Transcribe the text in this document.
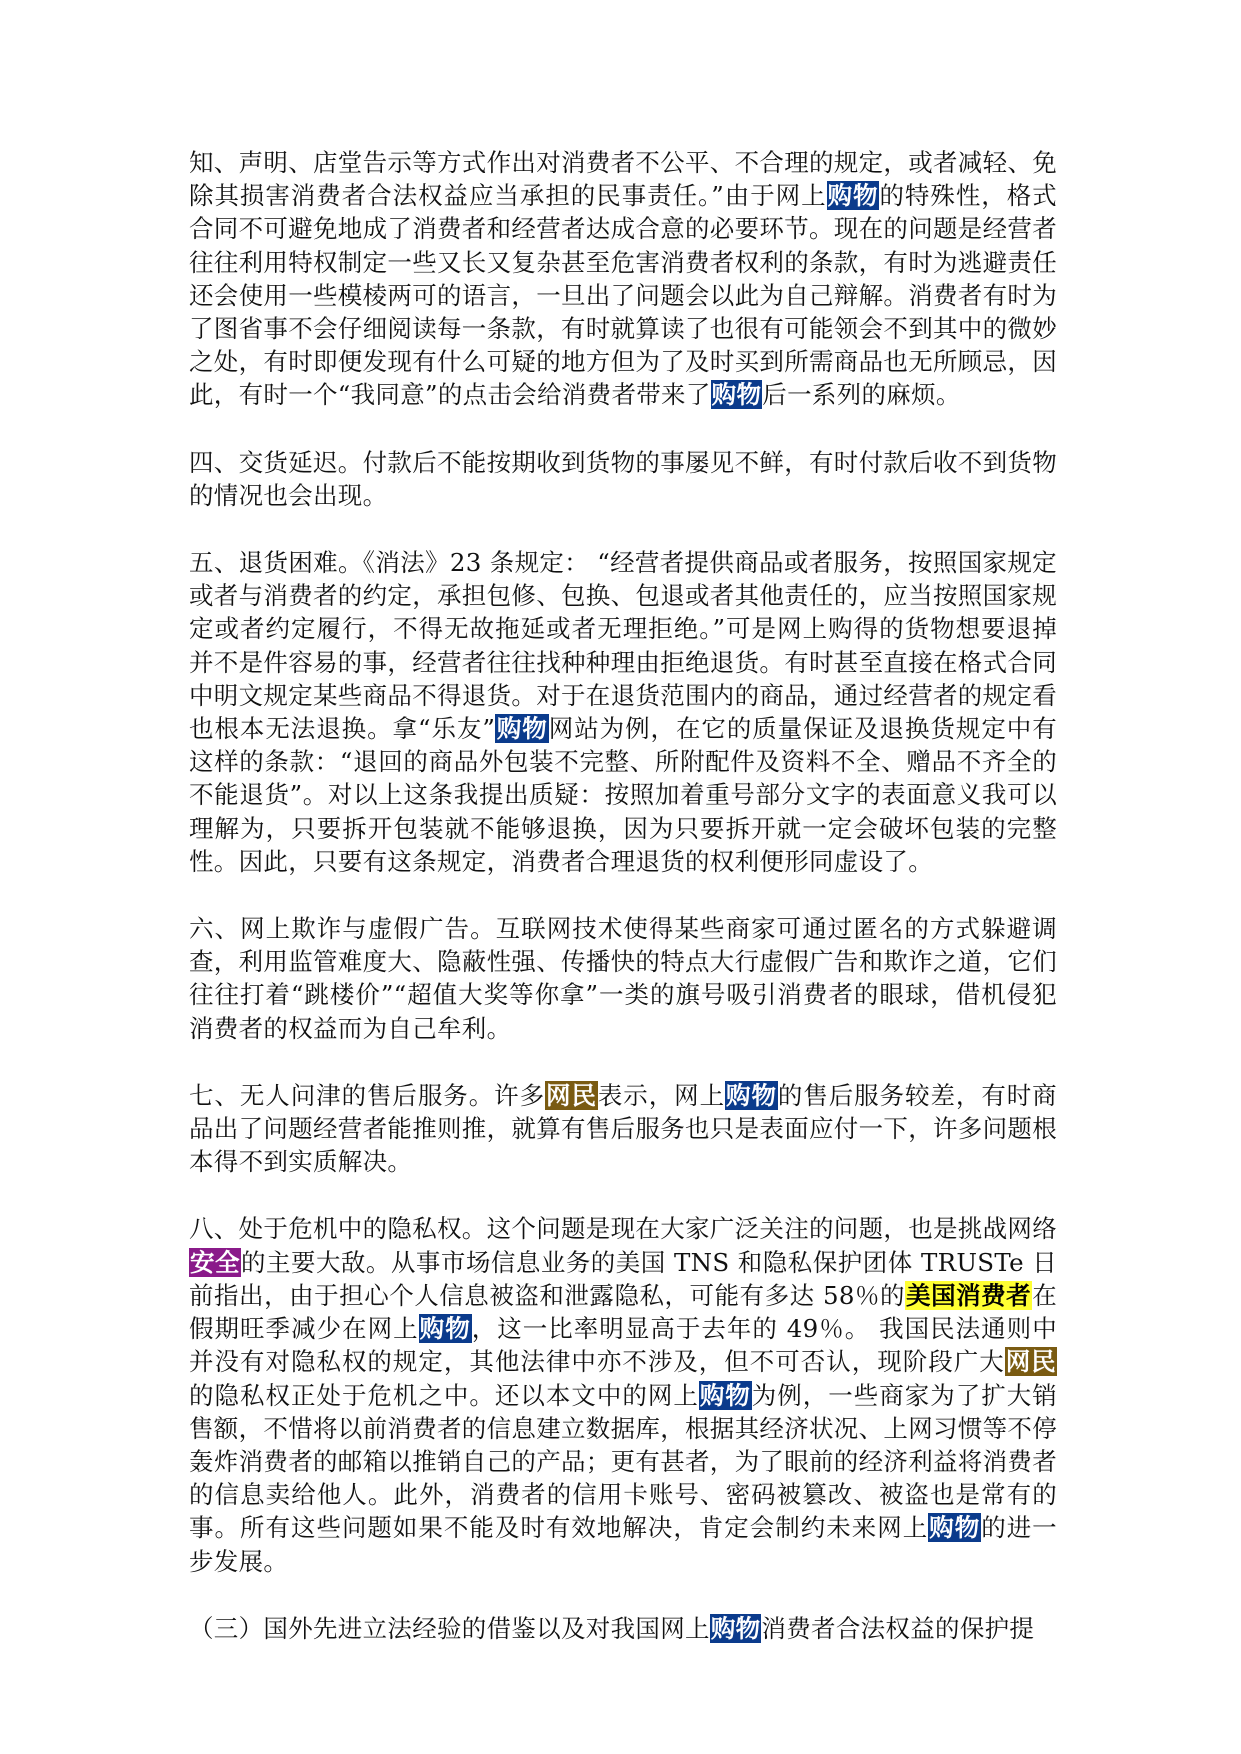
知、声明、店堂告示等方式作出对消费者不公平、不合理的规定，或者减轻、免除其损害消费者合法权益应当承担的民事责任。”由于网上购物的特殊性，格式合同不可避免地成了消费者和经营者达成合意的必要环节。现在的问题是经营者往往利用特权制定一些又长又复杂甚至危害消费者权利的条款，有时为逃避责任还会使用一些模棱两可的语言，一旦出了问题会以此为自己辩解。消费者有时为了图省事不会仔细阅读每一条款，有时就算读了也很有可能领会不到其中的微妙之处，有时即便发现有什么可疑的地方但为了及时买到所需商品也无所顾忌，因此，有时一个“我同意”的点击会给消费者带来了购物后一系列的麻烦。

四、交货延迟。付款后不能按期收到货物的事屡见不鲜，有时付款后收不到货物的情况也会出现。

五、退货困难。《消法》23 条规定： “经营者提供商品或者服务，按照国家规定或者与消费者的约定，承担包修、包换、包退或者其他责任的，应当按照国家规定或者约定履行，不得无故拖延或者无理拒绝。”可是网上购得的货物想要退掉并不是件容易的事，经营者往往找种种理由拒绝退货。有时甚至直接在格式合同中明文规定某些商品不得退货。对于在退货范围内的商品，通过经营者的规定看也根本无法退换。拿“乐友”购物网站为例，在它的质量保证及退换货规定中有这样的条款：“退回的商品外包装不完整、所附配件及资料不全、赠品不齐全的不能退货”。对以上这条我提出质疑：按照加着重号部分文字的表面意义我可以理解为，只要拆开包装就不能够退换，因为只要拆开就一定会破坏包装的完整性。因此，只要有这条规定，消费者合理退货的权利便形同虚设了。

六、网上欺诈与虚假广告。互联网技术使得某些商家可通过匿名的方式躲避调查，利用监管难度大、隐蔽性强、传播快的特点大行虚假广告和欺诈之道，它们往往打着“跳楼价”“超值大奖等你拿”一类的旗号吸引消费者的眼球，借机侵犯消费者的权益而为自己牟利。

七、无人问津的售后服务。许多网民表示，网上购物的售后服务较差，有时商品出了问题经营者能推则推，就算有售后服务也只是表面应付一下，许多问题根本得不到实质解决。

八、处于危机中的隐私权。这个问题是现在大家广泛关注的问题，也是挑战网络安全的主要大敌。从事市场信息业务的美国 TNS 和隐私保护团体 TRUSTe 日前指出，由于担心个人信息被盗和泄露隐私，可能有多达 58％的美国消费者在假期旺季减少在网上购物，这一比率明显高于去年的 49％。 我国民法通则中并没有对隐私权的规定，其他法律中亦不涉及，但不可否认，现阶段广大网民的隐私权正处于危机之中。还以本文中的网上购物为例，一些商家为了扩大销售额，不惜将以前消费者的信息建立数据库，根据其经济状况、上网习惯等不停轰炸消费者的邮箱以推销自己的产品；更有甚者，为了眼前的经济利益将消费者的信息卖给他人。此外，消费者的信用卡账号、密码被篡改、被盗也是常有的事。所有这些问题如果不能及时有效地解决，肯定会制约未来网上购物的进一步发展。

（三）国外先进立法经验的借鉴以及对我国网上购物消费者合法权益的保护提
